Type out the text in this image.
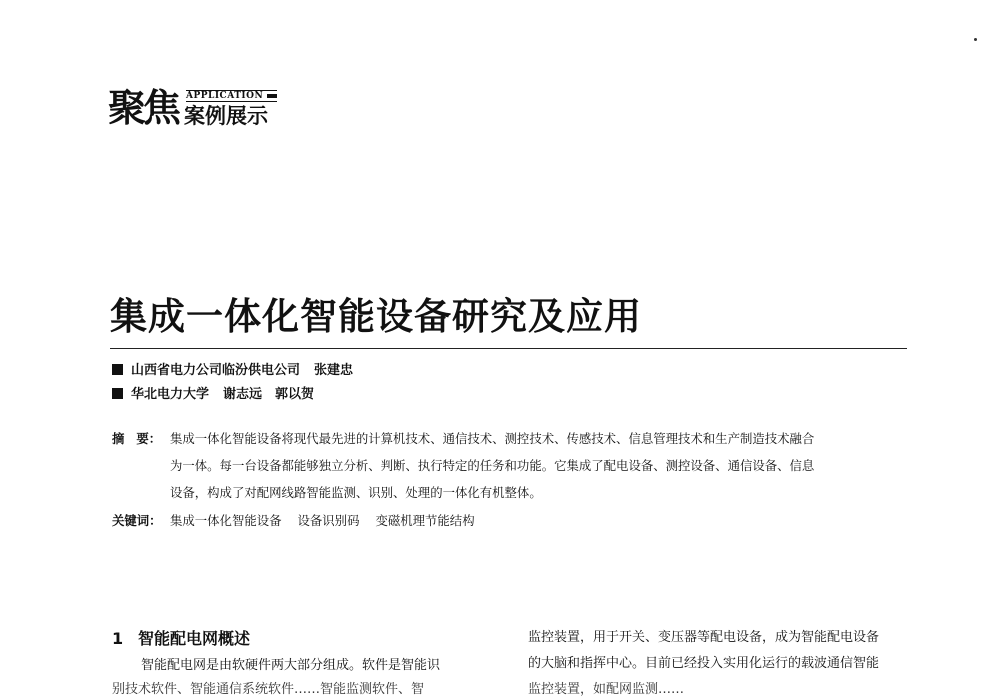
聚焦 APPLICATION
案例展示
集成一体化智能设备研究及应用
山西省电力公司临汾供电公司 张建忠
华北电力大学 谢志远　郭以贺
摘 要： 集成一体化智能设备将现代最先进的计算机技术、通信技术、测控技术、传感技术、信息管理技术和生产制造技术融合
为一体。每一台设备都能够独立分析、判断、执行特定的任务和功能。它集成了配电设备、测控设备、通信设备、信息
设备，构成了对配网线路智能监测、识别、处理的一体化有机整体。
关键词： 集成一体化智能设备 设备识别码 变磁机理节能结构
1 智能配电网概述
智能配电网是由软硬件两大部分组成。软件是智能识
别技术软件、智能通信系统软件……智能监测软件、智
监控装置，用于开关、变压器等配电设备，成为智能配电设备
的大脑和指挥中心。目前已经投入实用化运行的载波通信智能
监控装置，如配网监测……
